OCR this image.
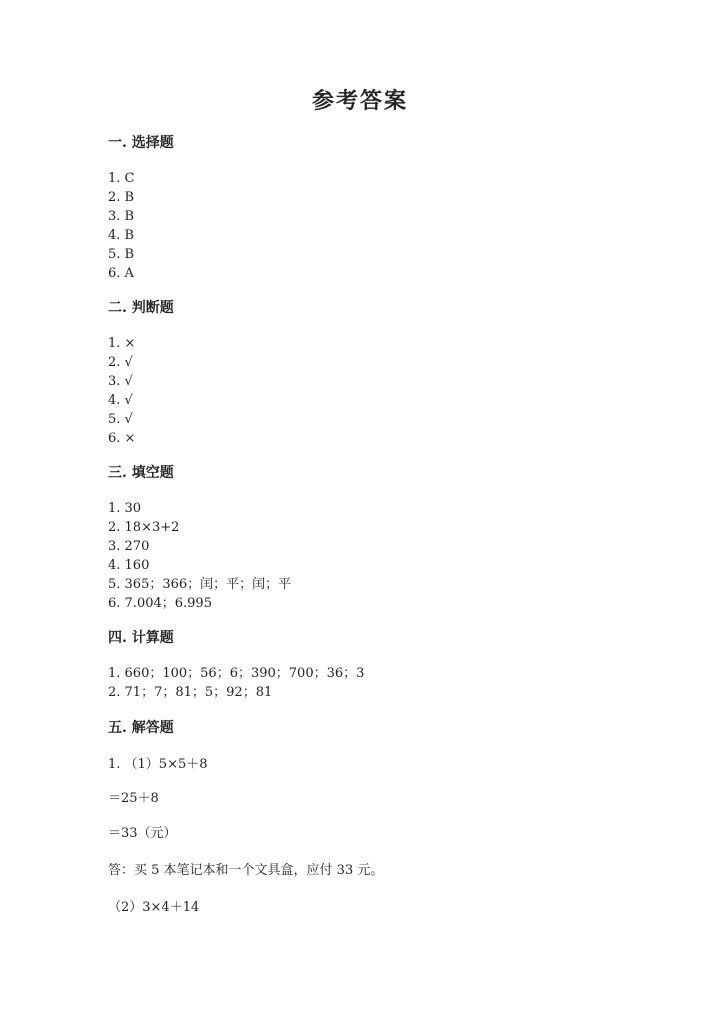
参考答案
一. 选择题
1. C
2. B
3. B
4. B
5. B
6. A
二. 判断题
1. ×
2. √
3. √
4. √
5. √
6. ×
三. 填空题
1. 30
2. 18×3+2
3. 270
4. 160
5. 365；366；闰；平；闰；平
6. 7.004；6.995
四. 计算题
1. 660；100；56；6；390；700；36；3
2. 71；7；81；5；92；81
五. 解答题
1. （1）5×5＋8
＝25＋8
＝33（元）
答：买 5 本笔记本和一个文具盒，应付 33 元。
（2）3×4＋14
